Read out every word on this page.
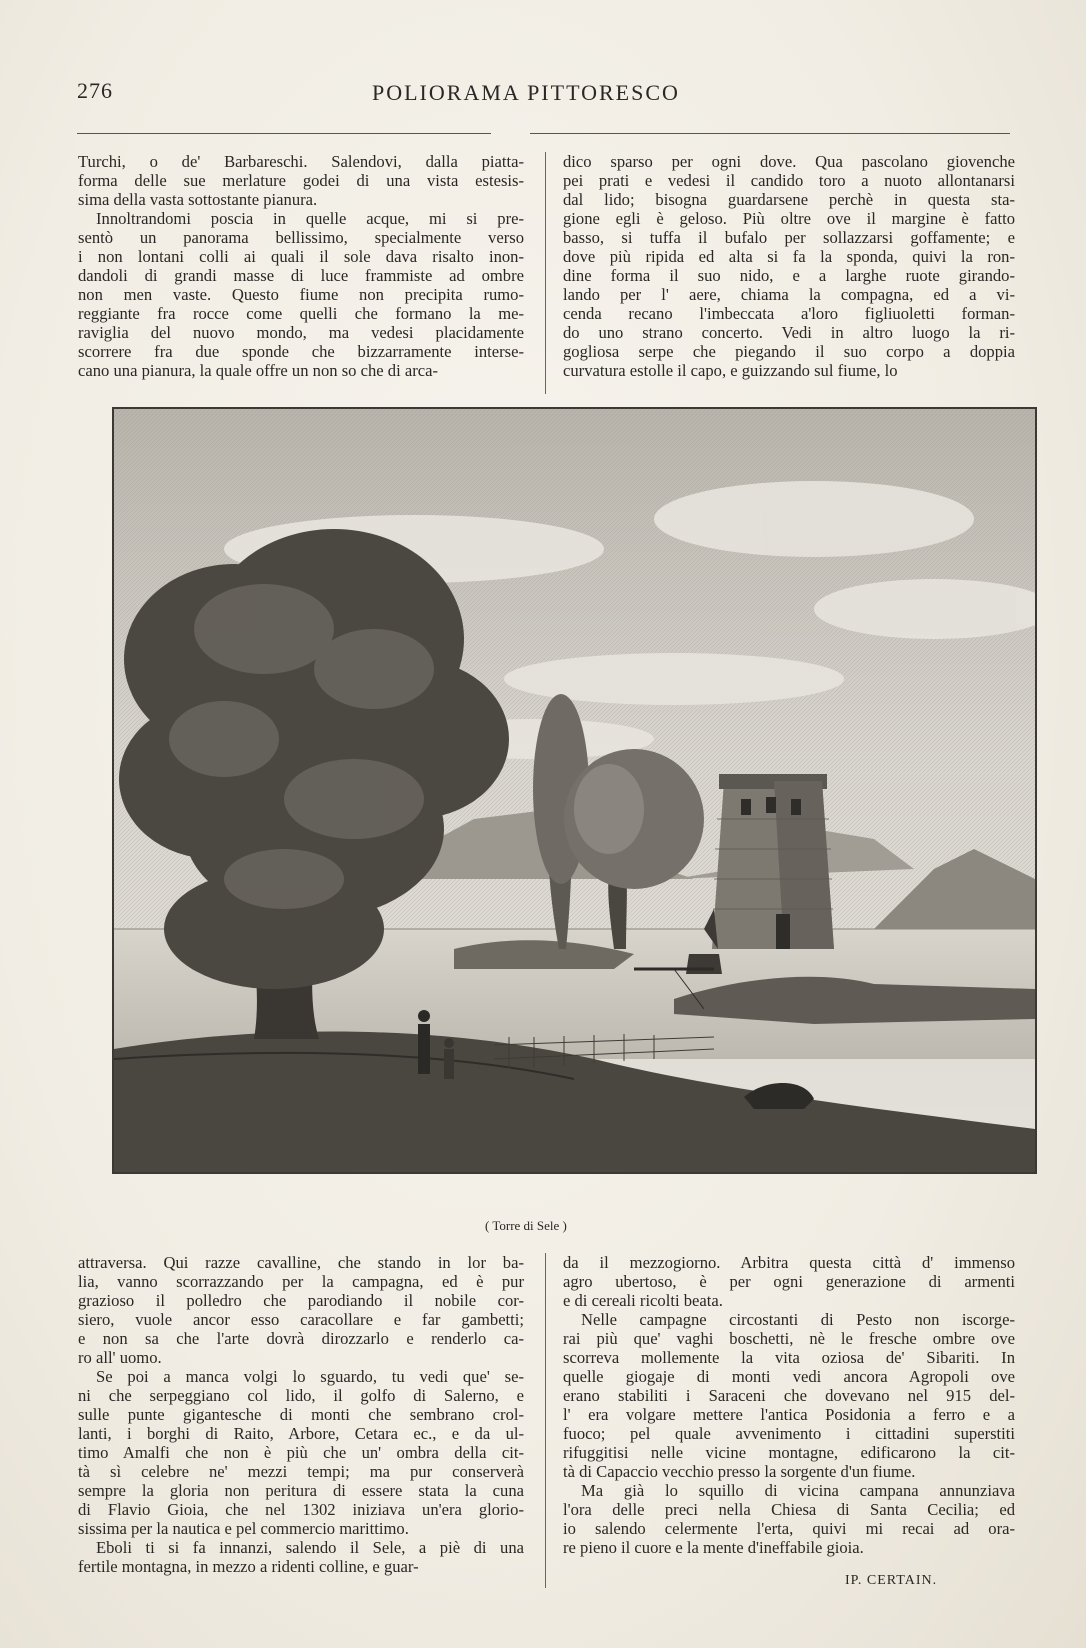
276	POLIORAMA PITTORESCO

Turchi, o de' Barbareschi. Salendovi, dalla piatta-

forma delle sue merlature godei di una vista estesis-

sima della vasta sottostante pianura.

Innoltrandomi poscia in quelle acque, mi si pre-

sentò un panorama bellissimo, specialmente verso

i non lontani colli ai quali il sole dava risalto inon-

dandoli di grandi masse di luce frammiste ad ombre

non men vaste. Questo fiume non precipita rumo-

reggiante fra rocce come quelli che formano la me-

raviglia del nuovo mondo, ma vedesi placidamente

scorrere fra due sponde che bizzarramente interse-

cano una pianura, la quale offre un non so che di arca-

dico sparso per ogni dove. Qua pascolano giovenche

pei prati e vedesi il candido toro a nuoto allontanarsi

dal lido; bisogna guardarsene perchè in questa sta-

gione egli è geloso. Più oltre ove il margine è fatto

basso, si tuffa il bufalo per sollazzarsi goffamente; e

dove più ripida ed alta si fa la sponda, quivi la ron-

dine forma il suo nido, e a larghe ruote girando-

lando per l' aere, chiama la compagna, ed a vi-

cenda recano l'imbeccata a'loro figliuoletti forman-

do uno strano concerto. Vedi in altro luogo la ri-

gogliosa serpe che piegando il suo corpo a doppia

curvatura estolle il capo, e guizzando sul fiume, lo

( Torre di Sele )

attraversa. Qui razze cavalline, che stando in lor ba-

lia, vanno scorrazzando per la campagna, ed è pur

grazioso il polledro che parodiando il nobile cor-

siero, vuole ancor esso caracollare e far gambetti;

e non sa che l'arte dovrà dirozzarlo e renderlo ca-

ro all' uomo.

Se poi a manca volgi lo sguardo, tu vedi que' se-

ni che serpeggiano col lido, il golfo di Salerno, e

sulle punte gigantesche di monti che sembrano crol-

lanti, i borghi di Raito, Arbore, Cetara ec., e da ul-

timo Amalfi che non è più che un' ombra della cit-

tà sì celebre ne' mezzi tempi; ma pur conserverà

sempre la gloria non peritura di essere stata la cuna

di Flavio Gioia, che nel 1302 iniziava un'era glorio-

sissima per la nautica e pel commercio marittimo.

Eboli ti si fa innanzi, salendo il Sele, a piè di una

fertile montagna, in mezzo a ridenti colline, e guar-

da il mezzogiorno. Arbitra questa città d' immenso

agro ubertoso, è per ogni generazione di armenti

e di cereali ricolti beata.

Nelle campagne circostanti di Pesto non iscorge-

rai più que' vaghi boschetti, nè le fresche ombre ove

scorreva mollemente la vita oziosa de' Sibariti. In

quelle giogaje di monti vedi ancora Agropoli ove

erano stabiliti i Saraceni che dovevano nel 915 del-

l' era volgare mettere l'antica Posidonia a ferro e a

fuoco; pel quale avvenimento i cittadini superstiti

rifuggitisi nelle vicine montagne, edificarono la cit-

tà di Capaccio vecchio presso la sorgente d'un fiume.

Ma già lo squillo di vicina campana annunziava

l'ora delle preci nella Chiesa di Santa Cecilia; ed

io salendo celermente l'erta, quivi mi recai ad ora-

re pieno il cuore e la mente d'ineffabile gioia.

IP. CERTAIN.
